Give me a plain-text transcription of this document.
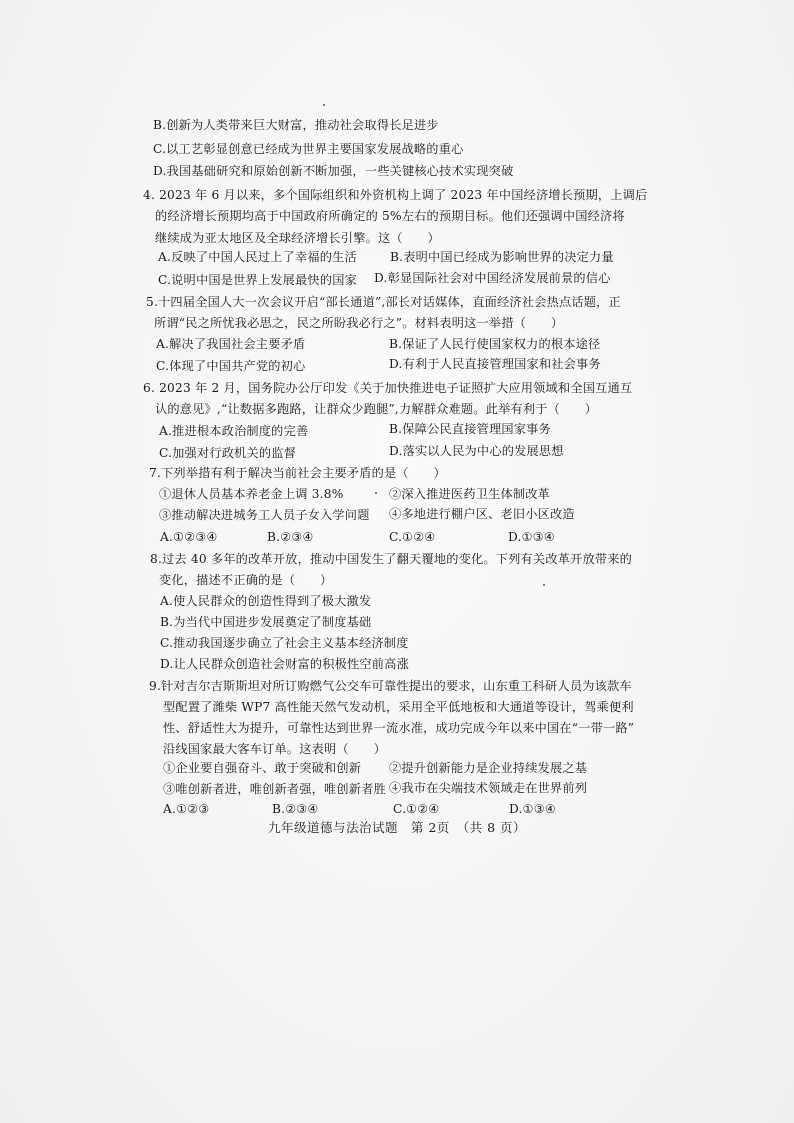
B.创新为人类带来巨大财富，推动社会取得长足进步
C.以工艺彰显创意已经成为世界主要国家发展战略的重心
D.我国基础研究和原始创新不断加强，一些关键核心技术实现突破
4. 2023 年 6 月以来，多个国际组织和外资机构上调了 2023 年中国经济增长预期，上调后
的经济增长预期均高于中国政府所确定的 5%左右的预期目标。他们还强调中国经济将
继续成为亚太地区及全球经济增长引擎。这（　　）
A.反映了中国人民过上了幸福的生活	B.表明中国已经成为影响世界的决定力量
C.说明中国是世界上发展最快的国家 D.彰显国际社会对中国经济发展前景的信心
5.十四届全国人大一次会议开启“部长通道”,部长对话媒体，直面经济社会热点话题，正
所谓“民之所忧我必思之，民之所盼我必行之”。材料表明这一举措（　　）
A.解决了我国社会主要矛盾	B.保证了人民行使国家权力的根本途径
C.体现了中国共产党的初心	D.有利于人民直接管理国家和社会事务
6. 2023 年 2 月，国务院办公厅印发《关于加快推进电子证照扩大应用领域和全国互通互
认的意见》,“让数据多跑路，让群众少跑腿”,力解群众难题。此举有利于（　　）
A.推进根本政治制度的完善	B.保障公民直接管理国家事务
C.加强对行政机关的监督	D.落实以人民为中心的发展思想
7.下列举措有利于解决当前社会主要矛盾的是（　　）
①退休人员基本养老金上调 3.8%	②深入推进医药卫生体制改革
③推动解决进城务工人员子女入学问题 ④多地进行棚户区、老旧小区改造
A.①②③④	B.②③④	C.①②④	D.①③④
8.过去 40 多年的改革开放，推动中国发生了翻天覆地的变化。下列有关改革开放带来的
变化，描述不正确的是（　　）
A.使人民群众的创造性得到了极大激发
B.为当代中国进步发展奠定了制度基础
C.推动我国逐步确立了社会主义基本经济制度
D.让人民群众创造社会财富的积极性空前高涨
9.针对吉尔吉斯斯坦对所订购燃气公交车可靠性提出的要求，山东重工科研人员为该款车
型配置了潍柴 WP7 高性能天然气发动机，采用全平低地板和大通道等设计，驾乘便利
性、舒适性大为提升，可靠性达到世界一流水准，成功完成今年以来中国在“一带一路”
沿线国家最大客车订单。这表明（　　）
①企业要自强奋斗、敢于突破和创新 ②提升创新能力是企业持续发展之基
③唯创新者进，唯创新者强，唯创新者胜 ④我市在尖端技术领域走在世界前列
A.①②③	B.②③④	C.①②④	D.①③④
九年级道德与法治试题　第 2页　（共 8 页）
